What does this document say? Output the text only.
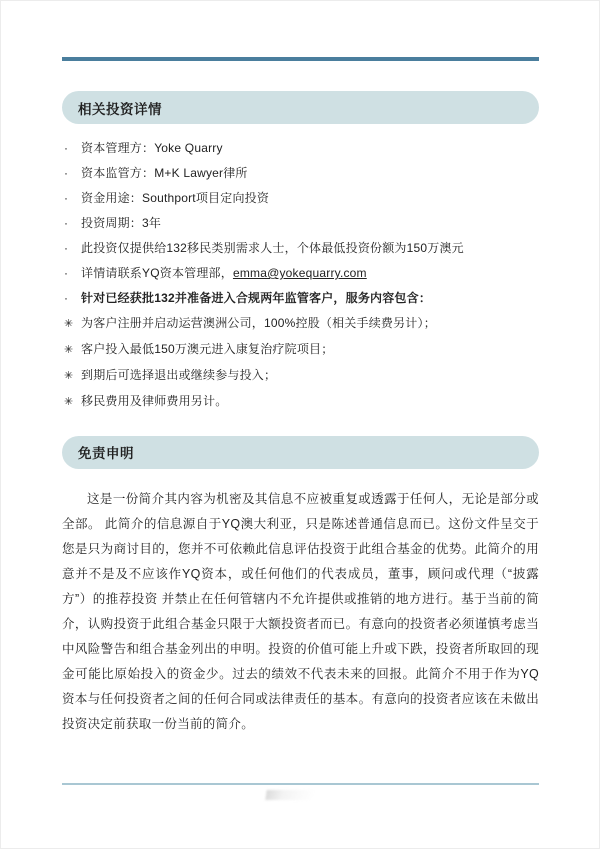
相关投资详情
·	资本管理方：Yoke Quarry
·	资本监管方：M+K Lawyer律所
·	资金用途：Southport项目定向投资
·	投资周期：3年
·	此投资仅提供给132移民类别需求人士，个体最低投资份额为150万澳元
·	详情请联系YQ资本管理部，emma@yokequarry.com
·	针对已经获批132并准备进入合规两年监管客户，服务内容包含：
✳ 为客户注册并启动运营澳洲公司，100%控股（相关手续费另计）；
✳ 客户投入最低150万澳元进入康复治疗院项目；
✳ 到期后可选择退出或继续参与投入；
✳ 移民费用及律师费用另计。
免责申明

这是一份简介其内容为机密及其信息不应被重复或透露于任何人，无论是部分或全部。 此简介的信息源自于YQ澳大利亚，只是陈述普通信息而已。这份文件呈交于您是只为商讨目的，您并不可依赖此信息评估投资于此组合基金的优势。此简介的用意并不是及不应该作YQ资本，或任何他们的代表成员，董事，顾问或代理（“披露方”）的推荐投资 并禁止在任何管辖内不允许提供或推销的地方进行。基于当前的简介，认购投资于此组合基金只限于大额投资者而已。有意向的投资者必须谨慎考虑当中风险警告和组合基金列出的申明。投资的价值可能上升或下跌，投资者所取回的现金可能比原始投入的资金少。过去的绩效不代表未来的回报。此简介不用于作为YQ资本与任何投资者之间的任何合同或法律责任的基本。有意向的投资者应该在未做出投资决定前获取一份当前的简介。
